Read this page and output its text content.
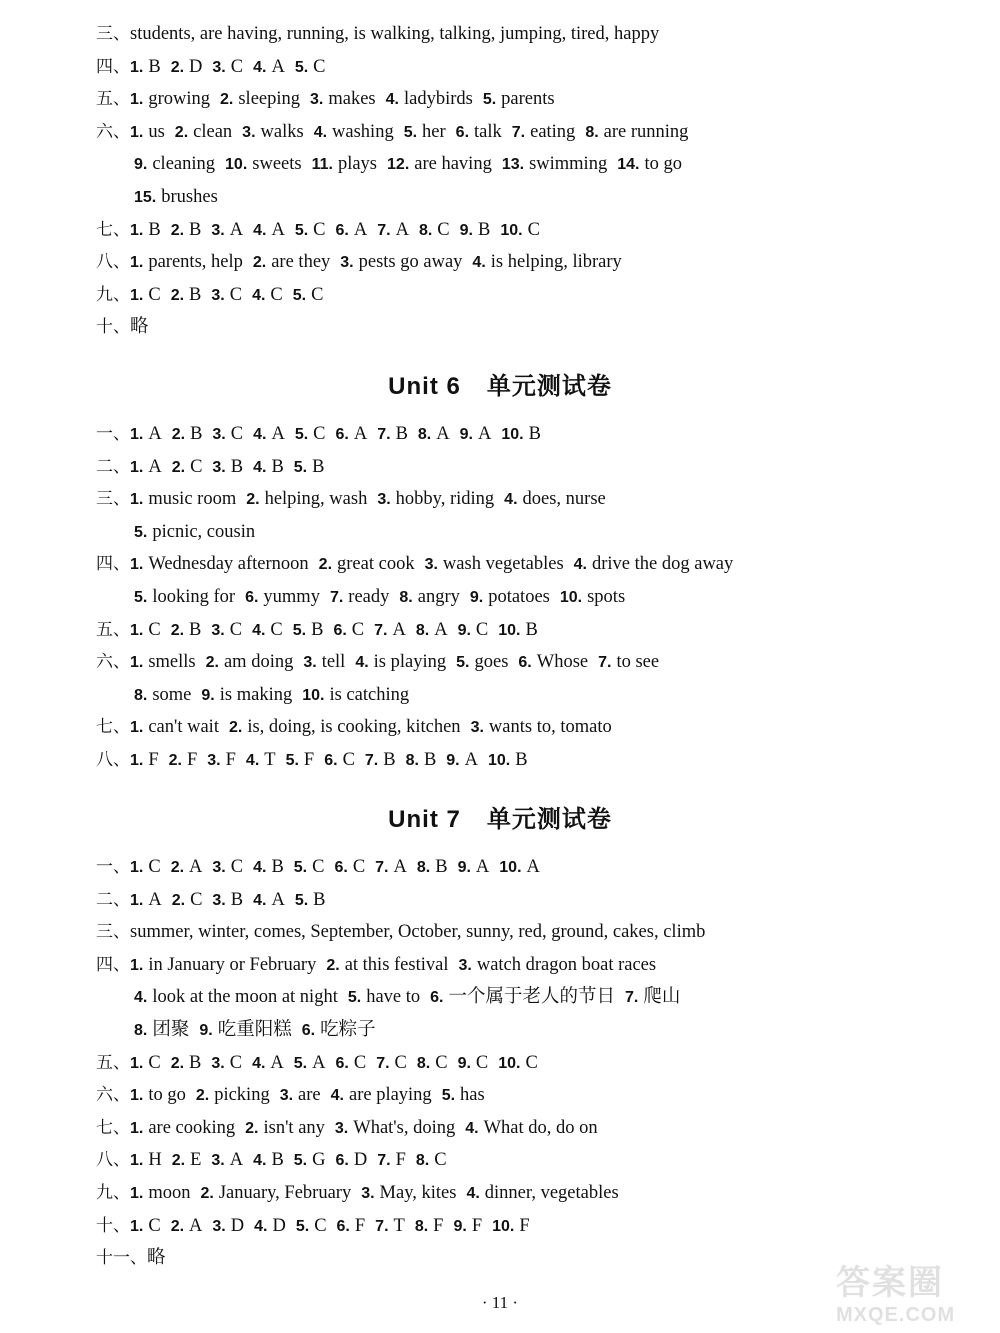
三、students, are having, running, is walking, talking, jumping, tired, happy
四、1. B 2. D 3. C 4. A 5. C
五、1. growing 2. sleeping 3. makes 4. ladybirds 5. parents
六、1. us 2. clean 3. walks 4. washing 5. her 6. talk 7. eating 8. are running
9. cleaning 10. sweets 11. plays 12. are having 13. swimming 14. to go
15. brushes
七、1. B 2. B 3. A 4. A 5. C 6. A 7. A 8. C 9. B 10. C
八、1. parents, help 2. are they 3. pests go away 4. is helping, library
九、1. C 2. B 3. C 4. C 5. C
十、略
Unit 6 单元测试卷
一、1. A 2. B 3. C 4. A 5. C 6. A 7. B 8. A 9. A 10. B
二、1. A 2. C 3. B 4. B 5. B
三、1. music room 2. helping, wash 3. hobby, riding 4. does, nurse
5. picnic, cousin
四、1. Wednesday afternoon 2. great cook 3. wash vegetables 4. drive the dog away
5. looking for 6. yummy 7. ready 8. angry 9. potatoes 10. spots
五、1. C 2. B 3. C 4. C 5. B 6. C 7. A 8. A 9. C 10. B
六、1. smells 2. am doing 3. tell 4. is playing 5. goes 6. Whose 7. to see
8. some 9. is making 10. is catching
七、1. can't wait 2. is, doing, is cooking, kitchen 3. wants to, tomato
八、1. F 2. F 3. F 4. T 5. F 6. C 7. B 8. B 9. A 10. B
Unit 7 单元测试卷
一、1. C 2. A 3. C 4. B 5. C 6. C 7. A 8. B 9. A 10. A
二、1. A 2. C 3. B 4. A 5. B
三、summer, winter, comes, September, October, sunny, red, ground, cakes, climb
四、1. in January or February 2. at this festival 3. watch dragon boat races
4. look at the moon at night 5. have to 6. 一个属于老人的节日 7. 爬山
8. 团聚 9. 吃重阳糕 6. 吃粽子
五、1. C 2. B 3. C 4. A 5. A 6. C 7. C 8. C 9. C 10. C
六、1. to go 2. picking 3. are 4. are playing 5. has
七、1. are cooking 2. isn't any 3. What's, doing 4. What do, do on
八、1. H 2. E 3. A 4. B 5. G 6. D 7. F 8. C
九、1. moon 2. January, February 3. May, kites 4. dinner, vegetables
十、1. C 2. A 3. D 4. D 5. C 6. F 7. T 8. F 9. F 10. F
十一、略
· 11 ·	答案圈
MXQE.COM
